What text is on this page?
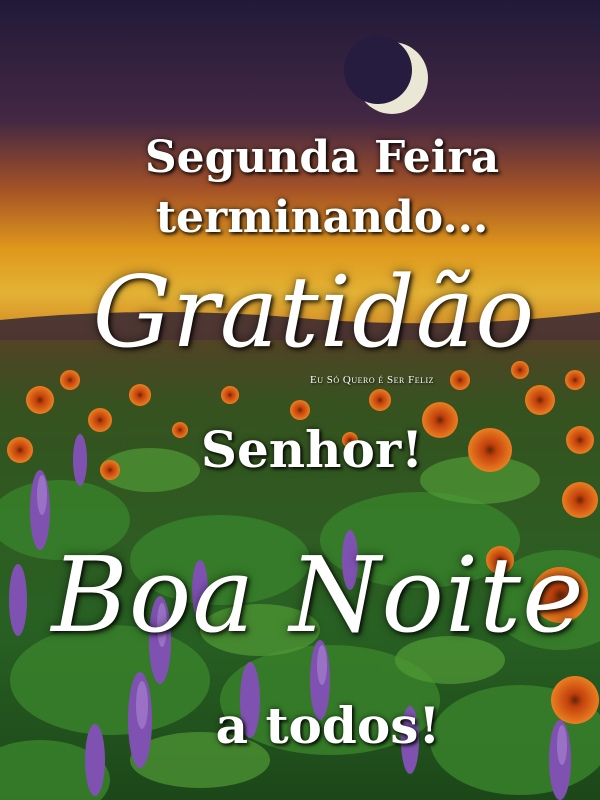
Segunda Feira
terminando...
Gratidão
Eu Só Quero é Ser Feliz
Senhor!
Boa Noite
a todos!
